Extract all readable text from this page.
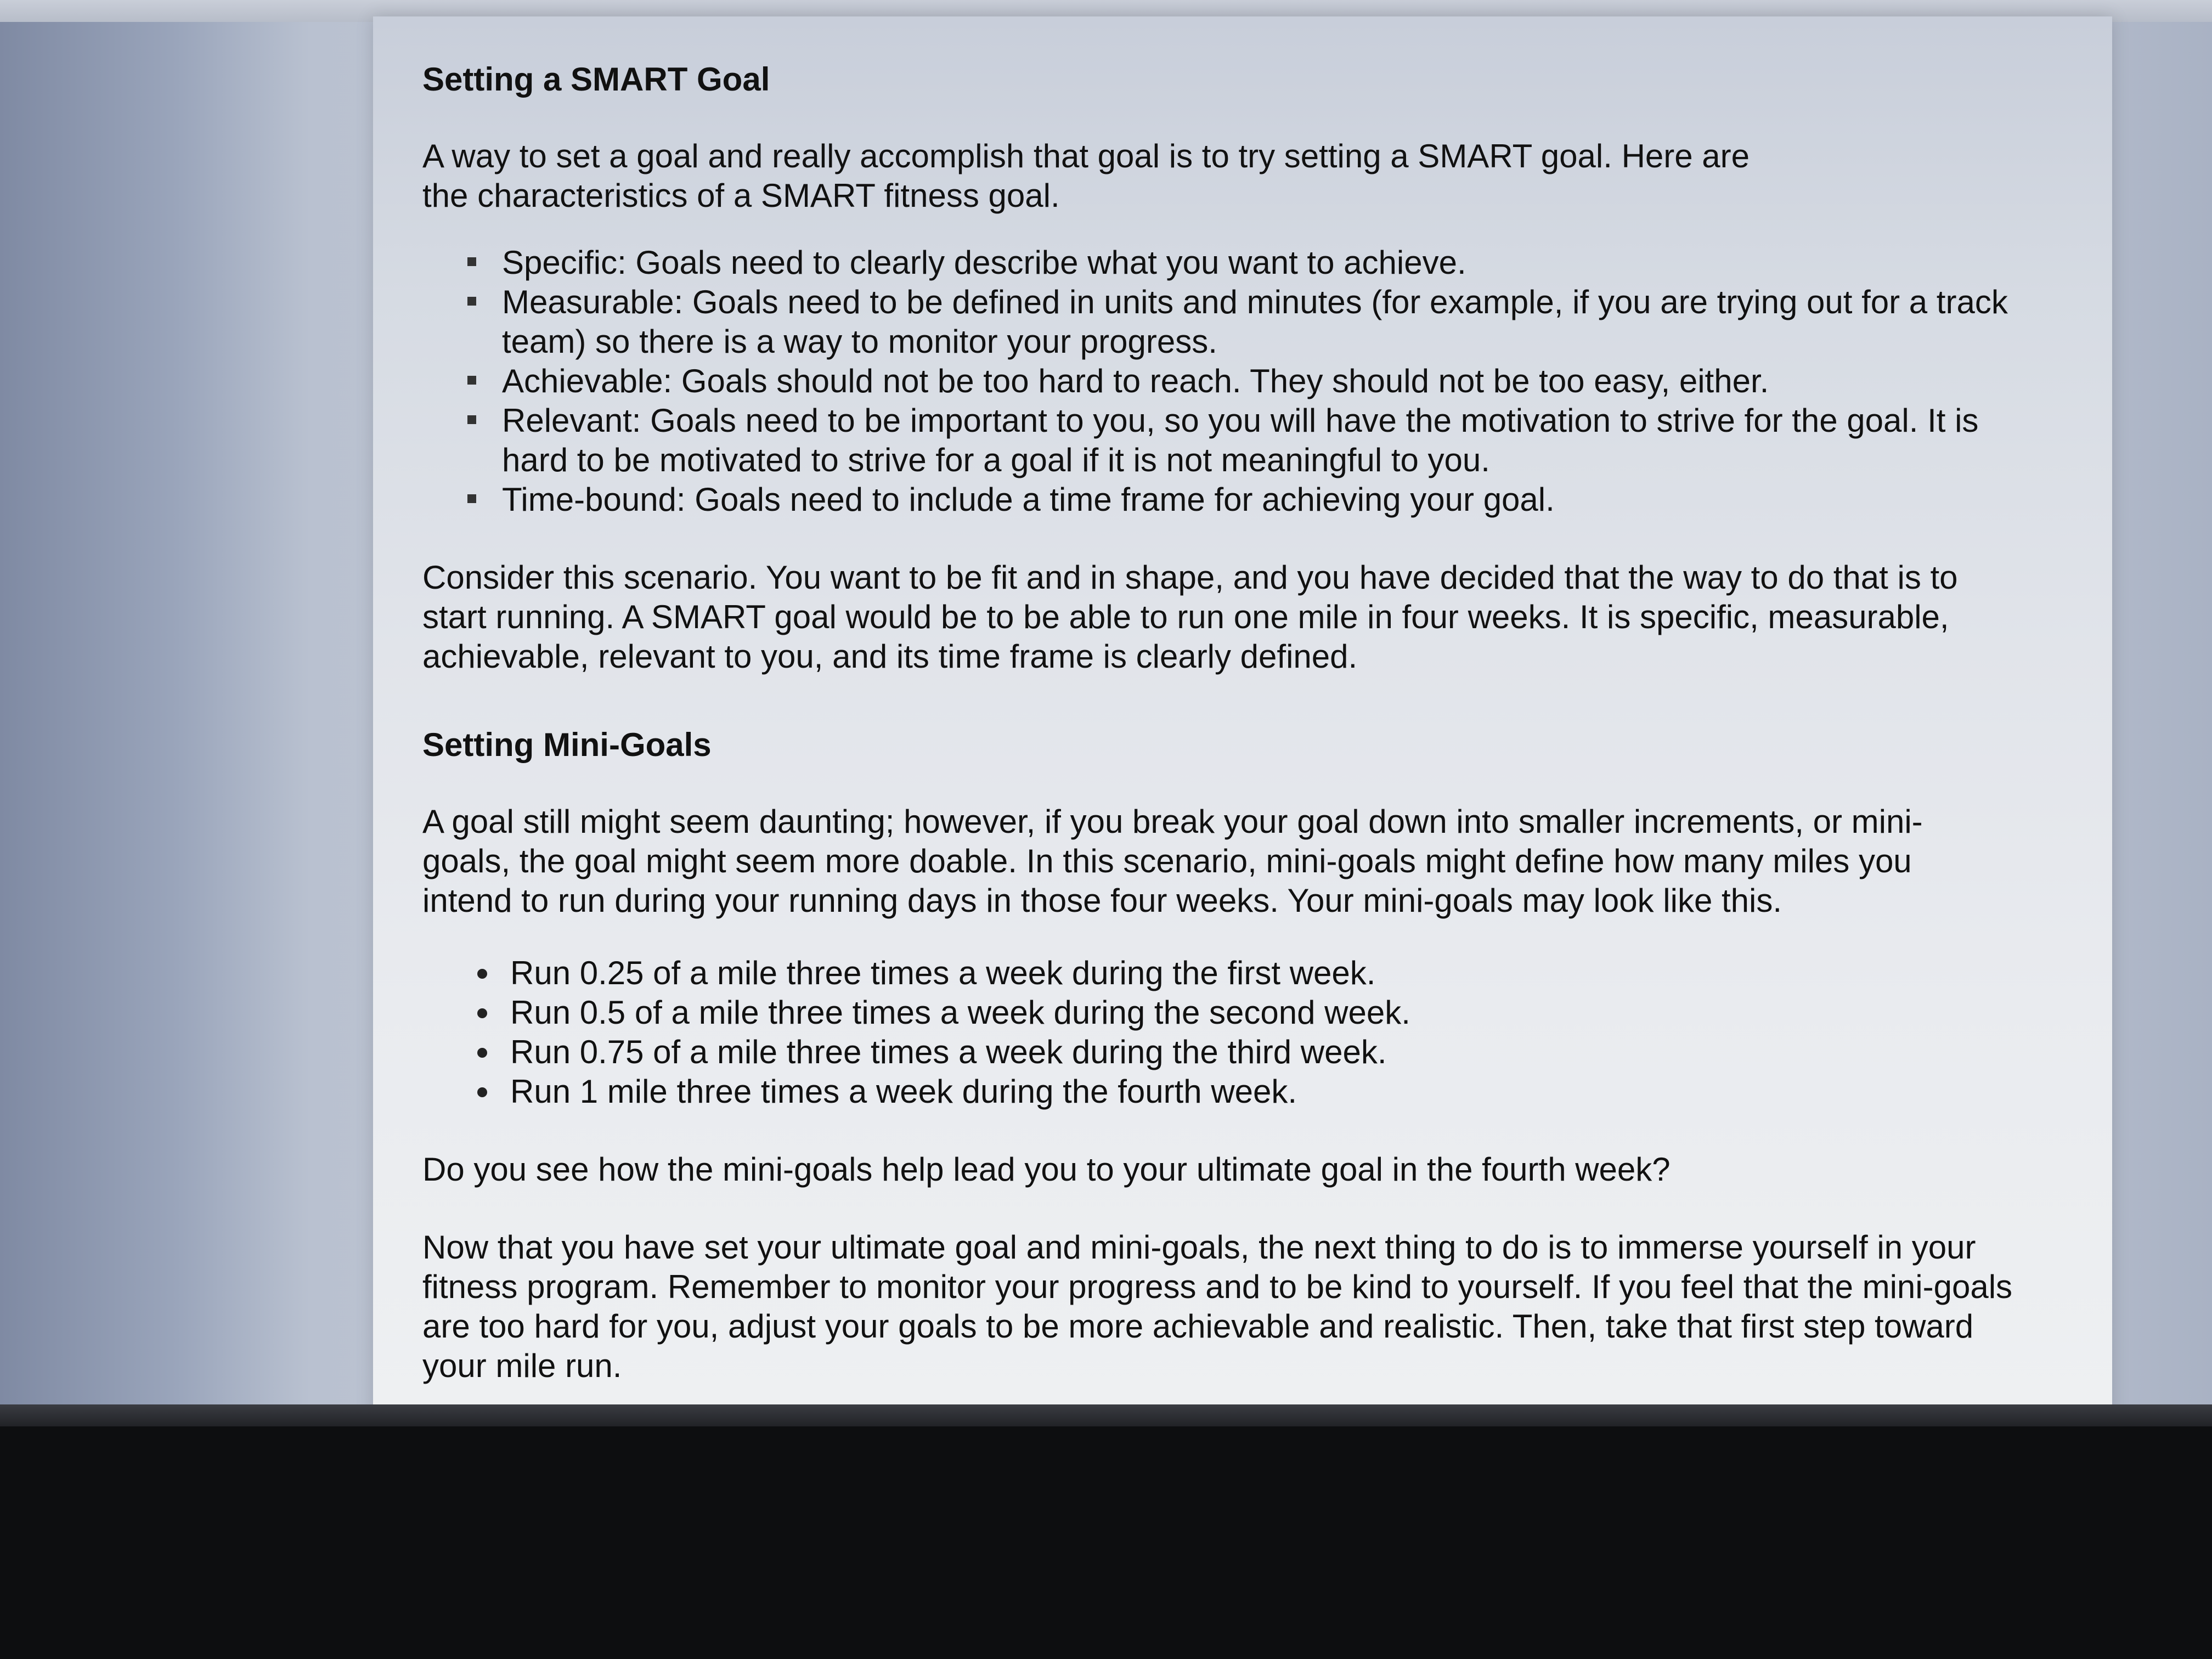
Setting a SMART Goal

A way to set a goal and really accomplish that goal is to try setting a SMART goal. Here are the characteristics of a SMART fitness goal.

Specific: Goals need to clearly describe what you want to achieve.
Measurable: Goals need to be defined in units and minutes (for example, if you are trying out for a track team) so there is a way to monitor your progress.
Achievable: Goals should not be too hard to reach. They should not be too easy, either.
Relevant: Goals need to be important to you, so you will have the motivation to strive for the goal. It is hard to be motivated to strive for a goal if it is not meaningful to you.
Time-bound: Goals need to include a time frame for achieving your goal.

Consider this scenario. You want to be fit and in shape, and you have decided that the way to do that is to start running. A SMART goal would be to be able to run one mile in four weeks. It is specific, measurable, achievable, relevant to you, and its time frame is clearly defined.

Setting Mini-Goals

A goal still might seem daunting; however, if you break your goal down into smaller increments, or mini-goals, the goal might seem more doable. In this scenario, mini-goals might define how many miles you intend to run during your running days in those four weeks. Your mini-goals may look like this.

Run 0.25 of a mile three times a week during the first week.
Run 0.5 of a mile three times a week during the second week.
Run 0.75 of a mile three times a week during the third week.
Run 1 mile three times a week during the fourth week.

Do you see how the mini-goals help lead you to your ultimate goal in the fourth week?

Now that you have set your ultimate goal and mini-goals, the next thing to do is to immerse yourself in your fitness program. Remember to monitor your progress and to be kind to yourself. If you feel that the mini-goals are too hard for you, adjust your goals to be more achievable and realistic. Then, take that first step toward your mile run.
